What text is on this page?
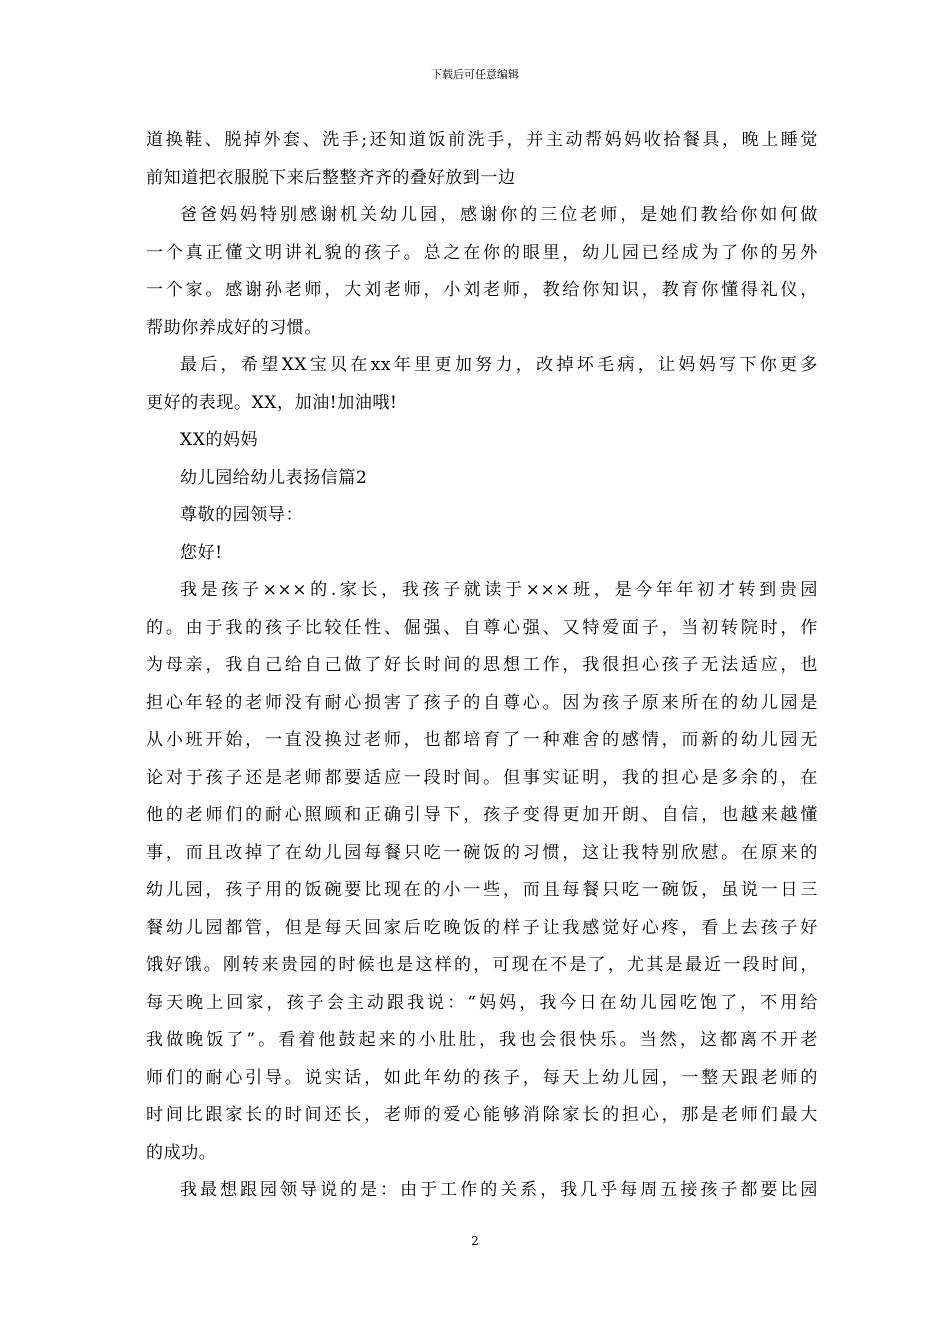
下载后可任意编辑
道换鞋、脱掉外套、洗手;还知道饭前洗手，并主动帮妈妈收拾餐具，晚上睡觉
前知道把衣服脱下来后整整齐齐的叠好放到一边
爸爸妈妈特别感谢机关幼儿园，感谢你的三位老师，是她们教给你如何做
一个真正懂文明讲礼貌的孩子。总之在你的眼里，幼儿园已经成为了你的另外
一个家。感谢孙老师，大刘老师，小刘老师，教给你知识，教育你懂得礼仪，
帮助你养成好的习惯。
最后，希望XX宝贝在xx年里更加努力，改掉坏毛病，让妈妈写下你更多
更好的表现。XX，加油!加油哦!
XX的妈妈
幼儿园给幼儿表扬信篇2
尊敬的园领导：
您好!
我是孩子×××的.家长，我孩子就读于×××班，是今年年初才转到贵园
的。由于我的孩子比较任性、倔强、自尊心强、又特爱面子，当初转院时，作
为母亲，我自己给自己做了好长时间的思想工作，我很担心孩子无法适应，也
担心年轻的老师没有耐心损害了孩子的自尊心。因为孩子原来所在的幼儿园是
从小班开始，一直没换过老师，也都培育了一种难舍的感情，而新的幼儿园无
论对于孩子还是老师都要适应一段时间。但事实证明，我的担心是多余的，在
他的老师们的耐心照顾和正确引导下，孩子变得更加开朗、自信，也越来越懂
事，而且改掉了在幼儿园每餐只吃一碗饭的习惯，这让我特别欣慰。在原来的
幼儿园，孩子用的饭碗要比现在的小一些，而且每餐只吃一碗饭，虽说一日三
餐幼儿园都管，但是每天回家后吃晚饭的样子让我感觉好心疼，看上去孩子好
饿好饿。刚转来贵园的时候也是这样的，可现在不是了，尤其是最近一段时间，
每天晚上回家，孩子会主动跟我说：“妈妈，我今日在幼儿园吃饱了，不用给
我做晚饭了”。看着他鼓起来的小肚肚，我也会很快乐。当然，这都离不开老
师们的耐心引导。说实话，如此年幼的孩子，每天上幼儿园，一整天跟老师的
时间比跟家长的时间还长，老师的爱心能够消除家长的担心，那是老师们最大
的成功。
我最想跟园领导说的是：由于工作的关系，我几乎每周五接孩子都要比园
2
